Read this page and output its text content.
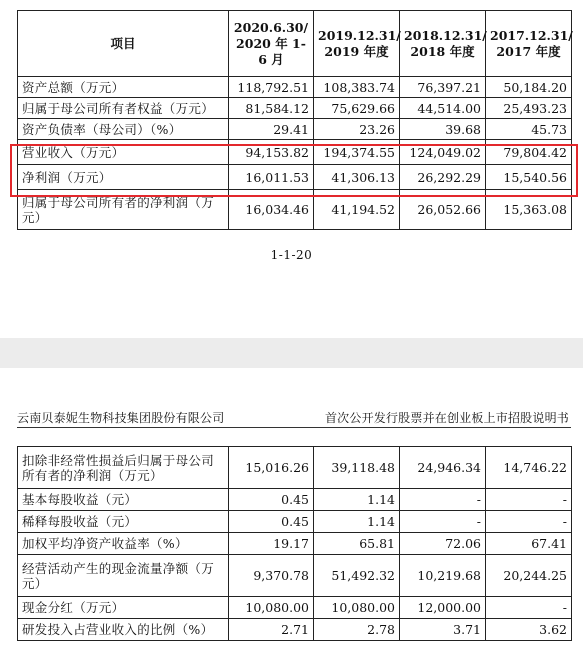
项目	2020.6.30/ 2020 年 1-6 月	2019.12.31/ 2019 年度	2018.12.31/ 2018 年度	2017.12.31/ 2017 年度
资产总额（万元）	118,792.51	108,383.74	76,397.21	50,184.20
归属于母公司所有者权益（万元）	81,584.12	75,629.66	44,514.00	25,493.23
资产负债率（母公司）（%）	29.41	23.26	39.68	45.73
营业收入（万元）	94,153.82	194,374.55	124,049.02	79,804.42
净利润（万元）	16,011.53	41,306.13	26,292.29	15,540.56
归属于母公司所有者的净利润（万元）	16,034.46	41,194.52	26,052.66	15,363.08
1-1-20
云南贝泰妮生物科技集团股份有限公司	首次公开发行股票并在创业板上市招股说明书
扣除非经常性损益后归属于母公司所有者的净利润（万元）	15,016.26	39,118.48	24,946.34	14,746.22
基本每股收益（元）	0.45	1.14	-	-
稀释每股收益（元）	0.45	1.14	-	-
加权平均净资产收益率（%）	19.17	65.81	72.06	67.41
经营活动产生的现金流量净额（万元）	9,370.78	51,492.32	10,219.68	20,244.25
现金分红（万元）	10,080.00	10,080.00	12,000.00	-
研发投入占营业收入的比例（%）	2.71	2.78	3.71	3.62
